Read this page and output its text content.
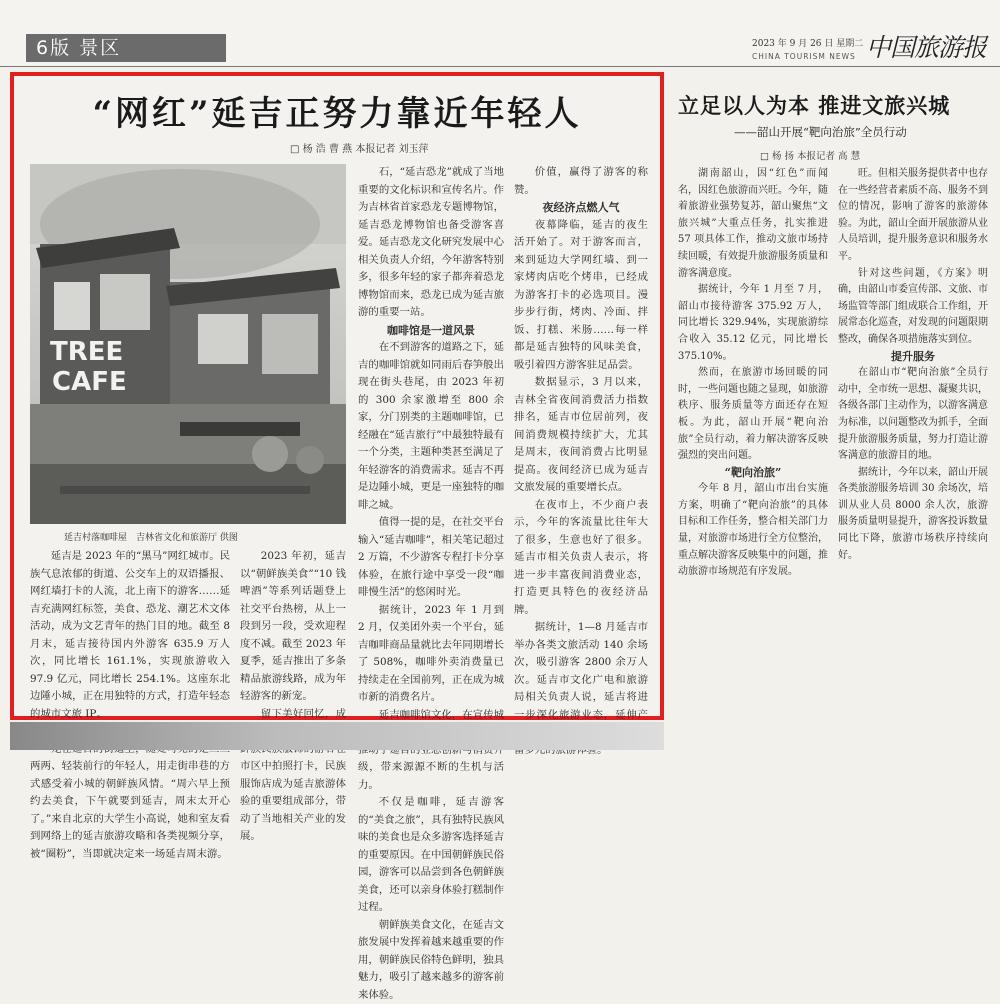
6版 景区	2023 年 9 月 26 日 星期二
CHINA TOURISM NEWS 中国旅游报
“网红”延吉正努力靠近年轻人
□ 杨 浩 曹 燕 本报记者 刘玉萍
TREE
CAFE
延吉村落咖啡屋　吉林省文化和旅游厅 供图

延吉是 2023 年的“黑马”网红城市。民族气息浓郁的街道、公交车上的双语播报、网红墙打卡的人流，北上南下的游客……延吉充满网红标签，美食、恐龙、潮艺术文体活动，成为文艺青年的热门目的地。截至 8 月末，延吉接待国内外游客 635.9 万人次，同比增长 161.1%，实现旅游收入 97.9 亿元，同比增长 254.1%。这座东北边陲小城，正在用独特的方式，打造年轻态的城市文旅 IP。

两两、轻装前行的年轻人，用走街串巷的方式感受着小城的朝鲜族风情。“周六早上预约去美食，下午就要到延吉，周末太开心了。”来自北京的大学生小高说，她和室友看到网络上的延吉旅游攻略和各类视频分享，被“圈粉”，当即就决定来一场延吉周末游。

2023 年初，延吉以“朝鲜族美食”“10 钱啤酒”等系列话题登上社交平台热榜，从上一段到另一段，受欢迎程度不减。截至 2023 年夏季，延吉推出了多条精品旅游线路，成为年轻游客的新宠。

留下美好回忆，成 市区中拍照打卡，民族服饰店成为延吉旅游体验的重要组成部分，带动了当地相关产业的发展。

石，“延吉恐龙”就成了当地重要的文化标识和宣传名片。作为吉林省首家恐龙专题博物馆，延吉恐龙博物馆也备受游客喜爱。延吉恐龙文化研究发展中心相关负责人介绍，今年游客特别多，很多年轻的家子都奔着恐龙博物馆而来，恐龙已成为延吉旅游的重要一站。

咖啡馆是一道风景

在不到游客的道路之下，延吉的咖啡馆就如同雨后春笋般出现在街头巷尾，由 2023 年初的 300 余家激增至 800 余家，分门别类的主题咖啡馆，已经融在“延吉旅行”中最独特最有一个分类，主题种类甚至满足了年轻游客的消费需求。延吉不再是边陲小城，更是一座独特的咖啡之城。

值得一提的是，在社交平台输入“延吉咖啡”，相关笔记超过 2 万篇，不少游客专程打卡分享体验，在旅行途中享受一段“咖啡慢生活”的悠闲时光。

据统计，2023 年 1 月到 2 月，仅美团外卖一个平台，延吉咖啡商品量就比去年同期增长了 508%，咖啡外卖消费量已持续走在全国前列，正在成为城市新的消费名片。

延吉咖啡馆文化，在宣传城 级，带来源源不断的生机与活力。

不仅是咖啡，延吉游客的“美食之旅”，具有独特民族风味的美食也是众多游客选择延吉的重要原因。在中国朝鲜族民俗园，游客可以品尝到各色朝鲜族美食，还可以亲身体验打糕制作过程。

朝鲜族美食文化，在延吉文旅发展中发挥着越来越重要的作用，朝鲜族民俗特色鲜明，独具魅力，吸引了越来越多的游客前来体验。

价值，赢得了游客的称赞。

夜经济点燃人气

夜幕降临，延吉的夜生活开始了。对于游客而言，来到延边大学网红墙、到一家烤肉店吃个烤串，已经成为游客打卡的必选项目。漫步步行街，烤肉、冷面、拌饭、打糕、米肠……每一样都是延吉独特的风味美食，吸引着四方游客驻足品尝。

数据显示，3 月以来，吉林全省夜间消费活力指数排名，延吉市位居前列，夜间消费规模持续扩大，尤其是周末，夜间消费占比明显提高。夜间经济已成为延吉文旅发展的重要增长点。

在夜市上，不少商户表示，今年的客流量比往年大了很多，生意也好了很多。延吉市相关负责人表示，将进一步丰富夜间消费业态，打造更具特色的夜经济品牌。

据统计，1—8 月延吉市举办各类文旅活动 140 余场次，吸引游客 2800 余万人次。延吉市文化广电和旅游局相关负责人说，延吉将进一步深化旅游业态，延伸产

立足以人为本 推进文旅兴城
——韶山开展“靶向治旅”全员行动
□ 杨 扬 本报记者 高 慧

湖南韶山，因“红色”而闻名，因红色旅游而兴旺。今年，随着旅游业强势复苏，韶山聚焦“文旅兴城”大重点任务，扎实推进 57 项具体工作，推动文旅市场持续回暖，有效提升旅游服务质量和游客满意度。

据统计，今年 1 月至 7 月，韶山市接待游客 375.92 万人，同比增长 329.94%，实现旅游综合收入 35.12 亿元，同比增长 375.10%。

然而，在旅游市场回暖的同时，一些问题也随之显现，如旅游秩序、服务质量等方面还存在短板。为此，韶山开展“靶向治旅”全员行动，着力解决游客反映强烈的突出问题。

“靶向治旅”

今年 8 月，韶山市出台实施方案，明确了“靶向治旅”的具体目标和工作任务，整合相关部门力量，对旅游市场进行全方位整治，重点解决游客反映集中的问题，推动旅游市场规范有序发展。

旺。但相关服务提供者中也存在一些经营者素质不高、服务不到位的情况，影响了游客的旅游体验。为此，韶山全面开展旅游从业人员培训，提升服务意识和服务水平。

针对这些问题，《方案》明确，由韶山市委宣传部、文旅、市场监管等部门组成联合工作组，开展常态化巡查，对发现的问题限期整改，确保各项措施落实到位。

提升服务

在韶山市“靶向治旅”全员行动中，全市统一思想、凝聚共识，各级各部门主动作为，以游客满意为标准，以问题整改为抓手，全面提升旅游服务质量，努力打造让游客满意的旅游目的地。

据统计，今年以来，韶山开展各类旅游服务培训 30 余场次，培训从业人员 8000 余人次，旅游服务质量明显提升，游客投诉数量同比下降，旅游市场秩序持续向好。
